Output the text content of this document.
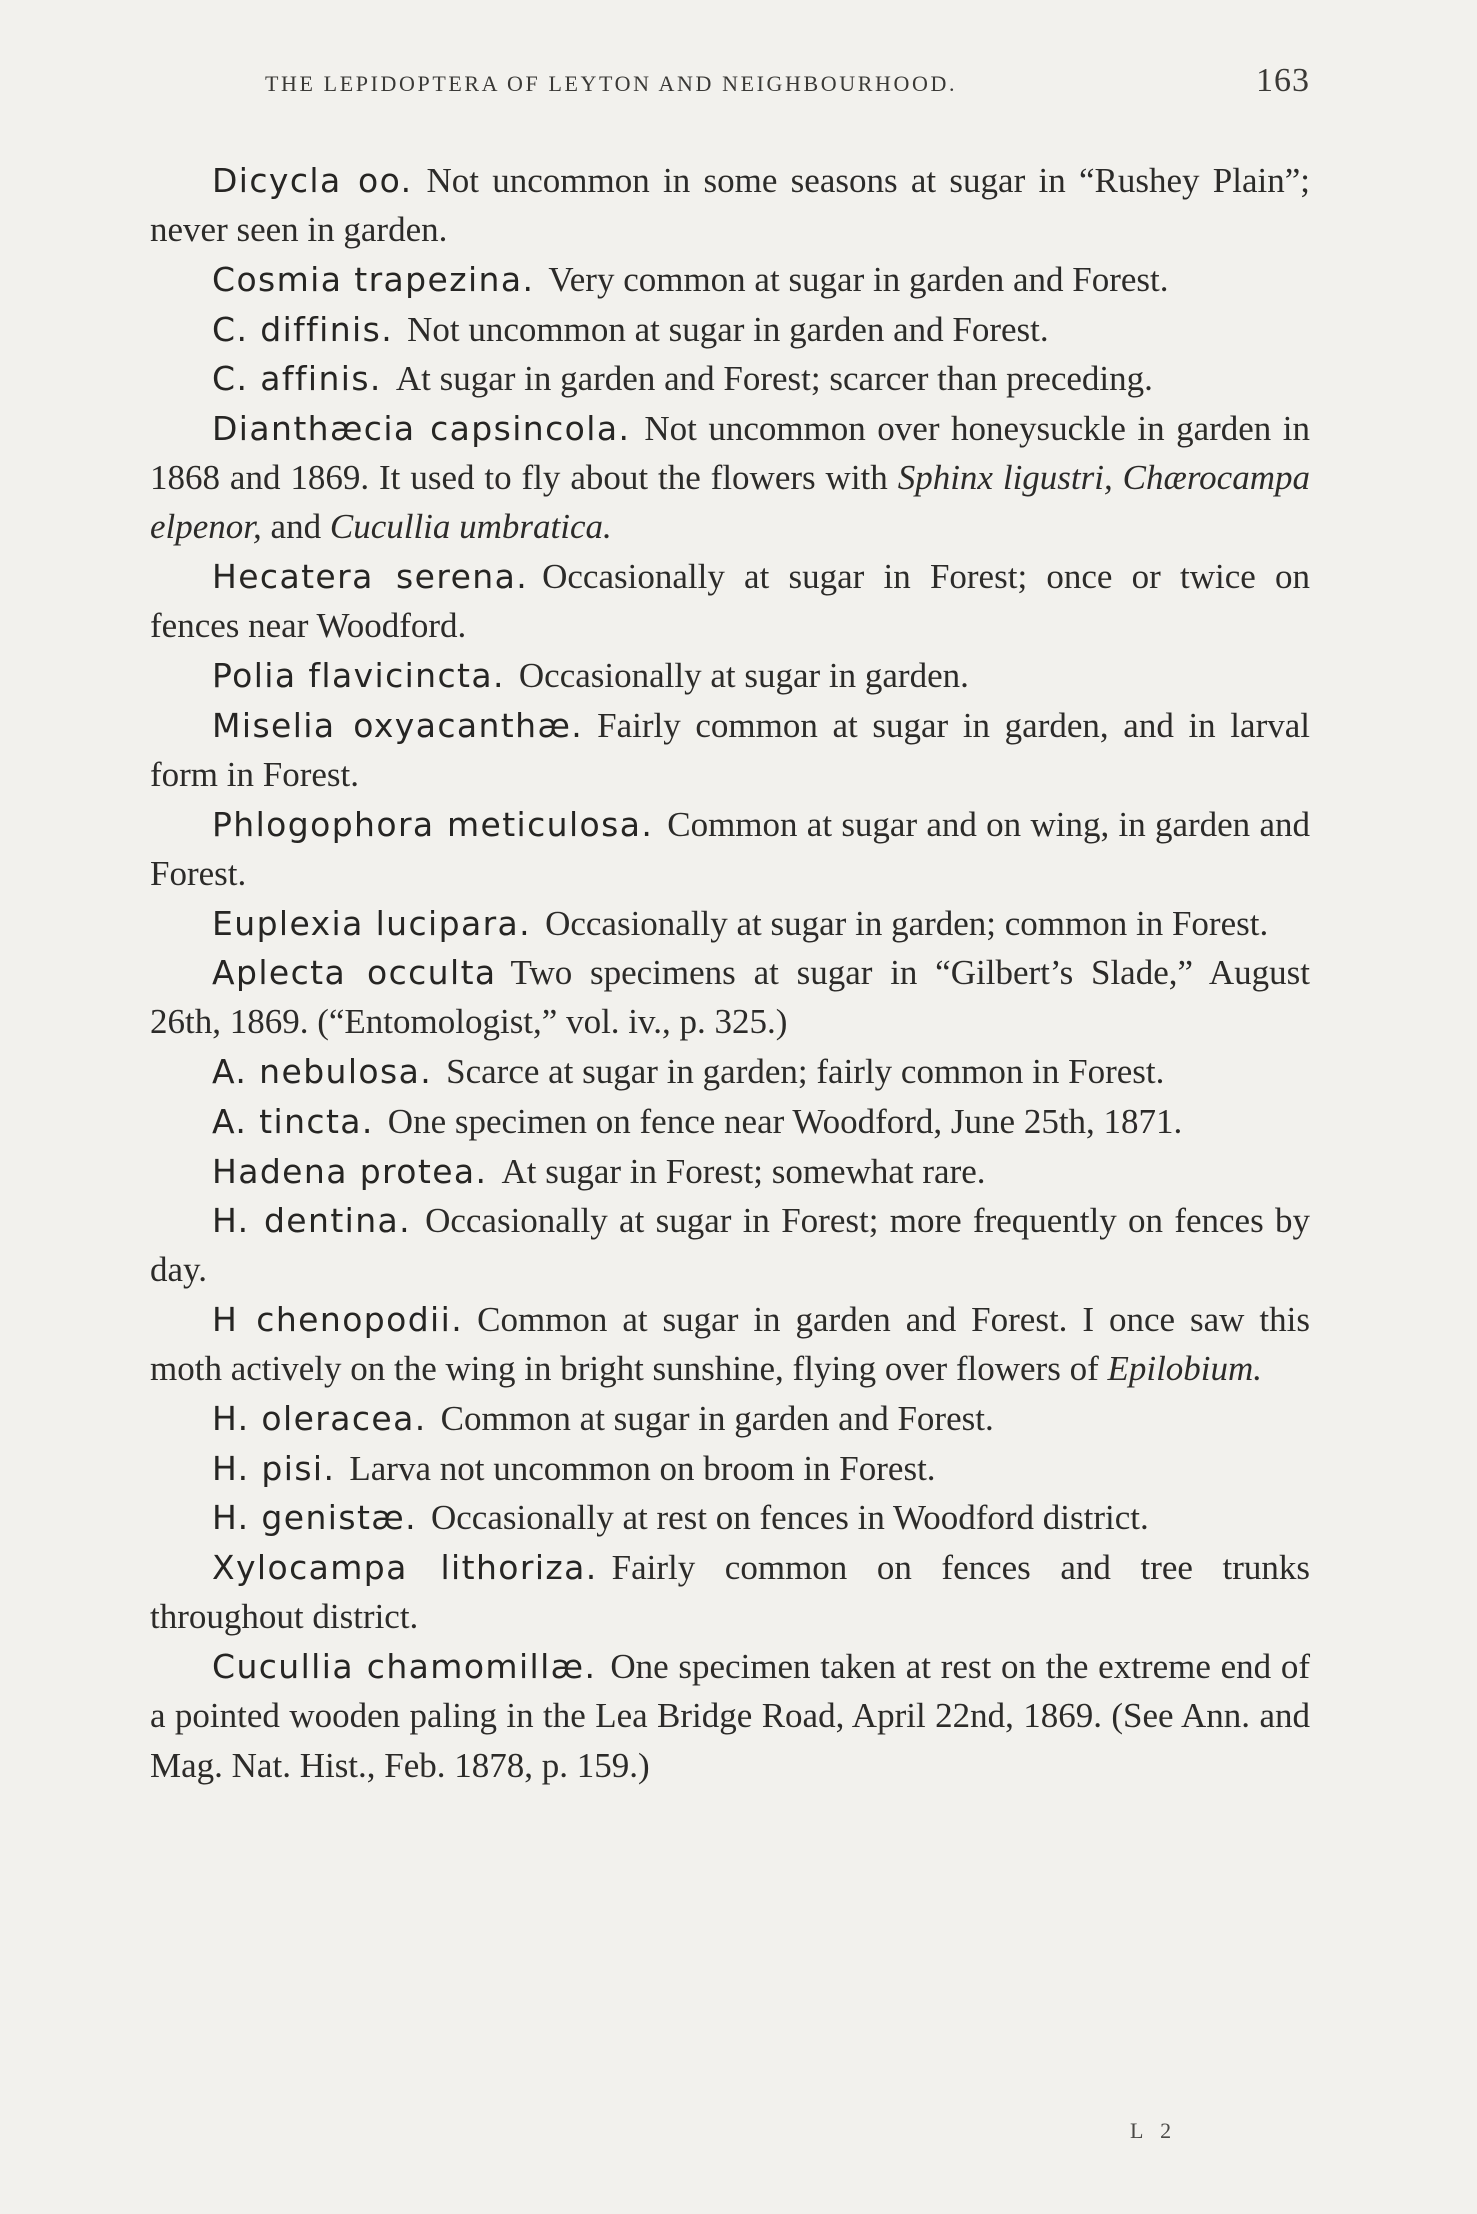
THE LEPIDOPTERA OF LEYTON AND NEIGHBOURHOOD.	163

Dicycla oo. Not uncommon in some seasons at sugar in “Rushey Plain”; never seen in garden.

Cosmia trapezina. Very common at sugar in garden and Forest.

C. diffinis. Not uncommon at sugar in garden and Forest.

C. affinis. At sugar in garden and Forest; scarcer than preceding.

Dianthæcia capsincola. Not uncommon over honeysuckle in garden in 1868 and 1869. It used to fly about the flowers with Sphinx ligustri, Chærocampa elpenor, and Cucullia umbratica.

Hecatera serena. Occasionally at sugar in Forest; once or twice on fences near Woodford.

Polia flavicincta. Occasionally at sugar in garden.

Miselia oxyacanthæ. Fairly common at sugar in garden, and in larval form in Forest.

Phlogophora meticulosa. Common at sugar and on wing, in garden and Forest.

Euplexia lucipara. Occasionally at sugar in garden; common in Forest.

Aplecta occulta Two specimens at sugar in “Gilbert’s Slade,” August 26th, 1869. (“Entomologist,” vol. iv., p. 325.)

A. nebulosa. Scarce at sugar in garden; fairly common in Forest.

A. tincta. One specimen on fence near Woodford, June 25th, 1871.

Hadena protea. At sugar in Forest; somewhat rare.

H. dentina. Occasionally at sugar in Forest; more frequently on fences by day.

H chenopodii. Common at sugar in garden and Forest. I once saw this moth actively on the wing in bright sunshine, flying over flowers of Epilobium.

H. oleracea. Common at sugar in garden and Forest.

H. pisi. Larva not uncommon on broom in Forest.

H. genistæ. Occasionally at rest on fences in Woodford district.

Xylocampa lithoriza. Fairly common on fences and tree trunks throughout district.

Cucullia chamomillæ. One specimen taken at rest on the extreme end of a pointed wooden paling in the Lea Bridge Road, April 22nd, 1869. (See Ann. and Mag. Nat. Hist., Feb. 1878, p. 159.)

L 2
